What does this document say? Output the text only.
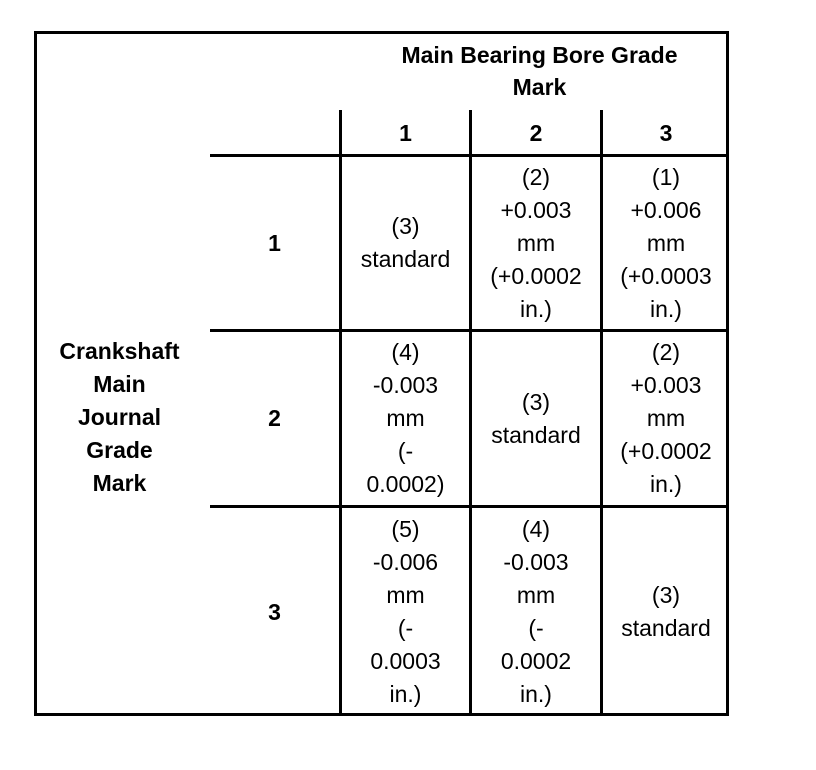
Main Bearing Bore Grade
Mark
1	2	3
Crankshaft
Main
Journal
Grade
Mark
1
2
3
(3)
standard
(2)
+0.003
mm
(+0.0002
in.)
(1)
+0.006
mm
(+0.0003
in.)
(4)
-0.003
mm
(-
0.0002)
(3)
standard
(2)
+0.003
mm
(+0.0002
in.)
(5)
-0.006
mm
(-
0.0003
in.)
(4)
-0.003
mm
(-
0.0002
in.)
(3)
standard
